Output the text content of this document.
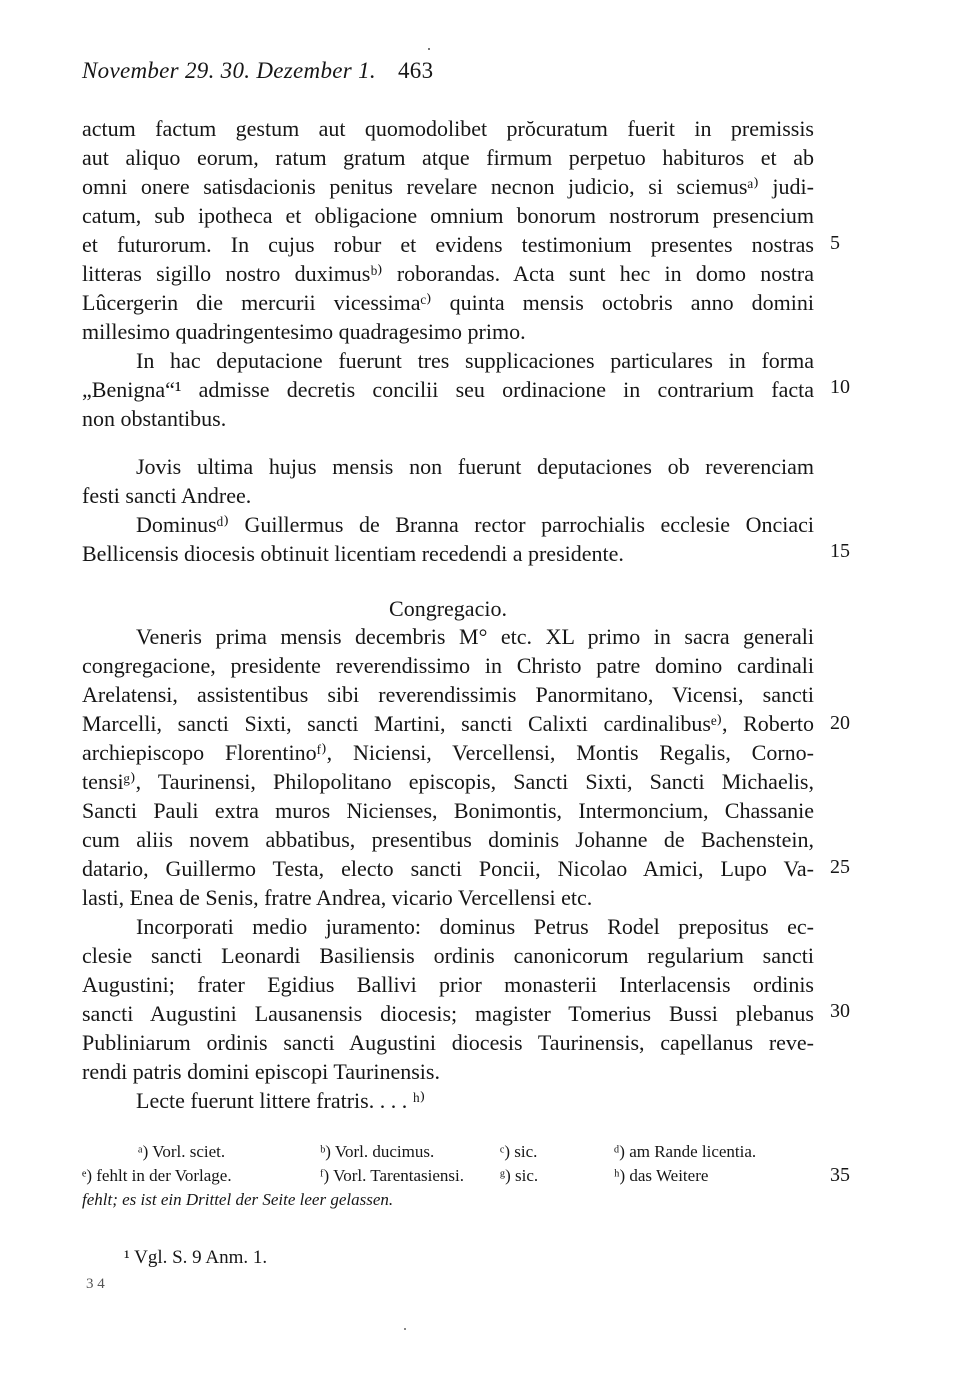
November 29. 30. Dezember 1. 463
actum factum gestum aut quomodolibet prŏcuratum fuerit in premissis
aut aliquo eorum, ratum gratum atque firmum perpetuo habituros et ab
omni onere satisdacionis penitus revelare necnon judicio, si sciemusᵃ⁾ judi-
catum, sub ipotheca et obligacione omnium bonorum nostrorum presencium
et futurorum. In cujus robur et evidens testimonium presentes nostras
litteras sigillo nostro duximusᵇ⁾ roborandas. Acta sunt hec in domo nostra
Lûcergerin die mercurii vicessimaᶜ⁾ quinta mensis octobris anno domini
millesimo quadringentesimo quadragesimo primo.
In hac deputacione fuerunt tres supplicaciones particulares in forma
„Benigna“¹ admisse decretis concilii seu ordinacione in contrarium facta
non obstantibus.
Jovis ultima hujus mensis non fuerunt deputaciones ob reverenciam
festi sancti Andree.
Dominusᵈ⁾ Guillermus de Branna rector parrochialis ecclesie Onciaci
Bellicensis diocesis obtinuit licentiam recedendi a presidente.
Congregacio.
Veneris prima mensis decembris M° etc. XL primo in sacra generali
congregacione, presidente reverendissimo in Christo patre domino cardinali
Arelatensi, assistentibus sibi reverendissimis Panormitano, Vicensi, sancti
Marcelli, sancti Sixti, sancti Martini, sancti Calixti cardinalibusᵉ⁾, Roberto
archiepiscopo Florentinoᶠ⁾, Niciensi, Vercellensi, Montis Regalis, Corno-
tensiᵍ⁾, Taurinensi, Philopolitano episcopis, Sancti Sixti, Sancti Michaelis,
Sancti Pauli extra muros Nicienses, Bonimontis, Intermoncium, Chassanie
cum aliis novem abbatibus, presentibus dominis Johanne de Bachenstein,
datario, Guillermo Testa, electo sancti Poncii, Nicolao Amici, Lupo Va-
lasti, Enea de Senis, fratre Andrea, vicario Vercellensi etc.
Incorporati medio juramento: dominus Petrus Rodel prepositus ec-
clesie sancti Leonardi Basiliensis ordinis canonicorum regularium sancti
Augustini; frater Egidius Ballivi prior monasterii Interlacensis ordinis
sancti Augustini Lausanensis diocesis; magister Tomerius Bussi plebanus
Publiniarum ordinis sancti Augustini diocesis Taurinensis, capellanus reve-
rendi patris domini episcopi Taurinensis.
Lecte fuerunt littere fratris. . . . ʰ⁾
5
10
15
20
25
30
35
ᵃ) Vorl. sciet.	ᵇ) Vorl. ducimus.	ᶜ) sic.	ᵈ) am Rande licentia.
ᵉ) fehlt in der Vorlage.	ᶠ) Vorl. Tarentasiensi. ᵍ) sic.	ʰ) das Weitere
fehlt; es ist ein Drittel der Seite leer gelassen.
¹ Vgl. S. 9 Anm. 1.
3 4
